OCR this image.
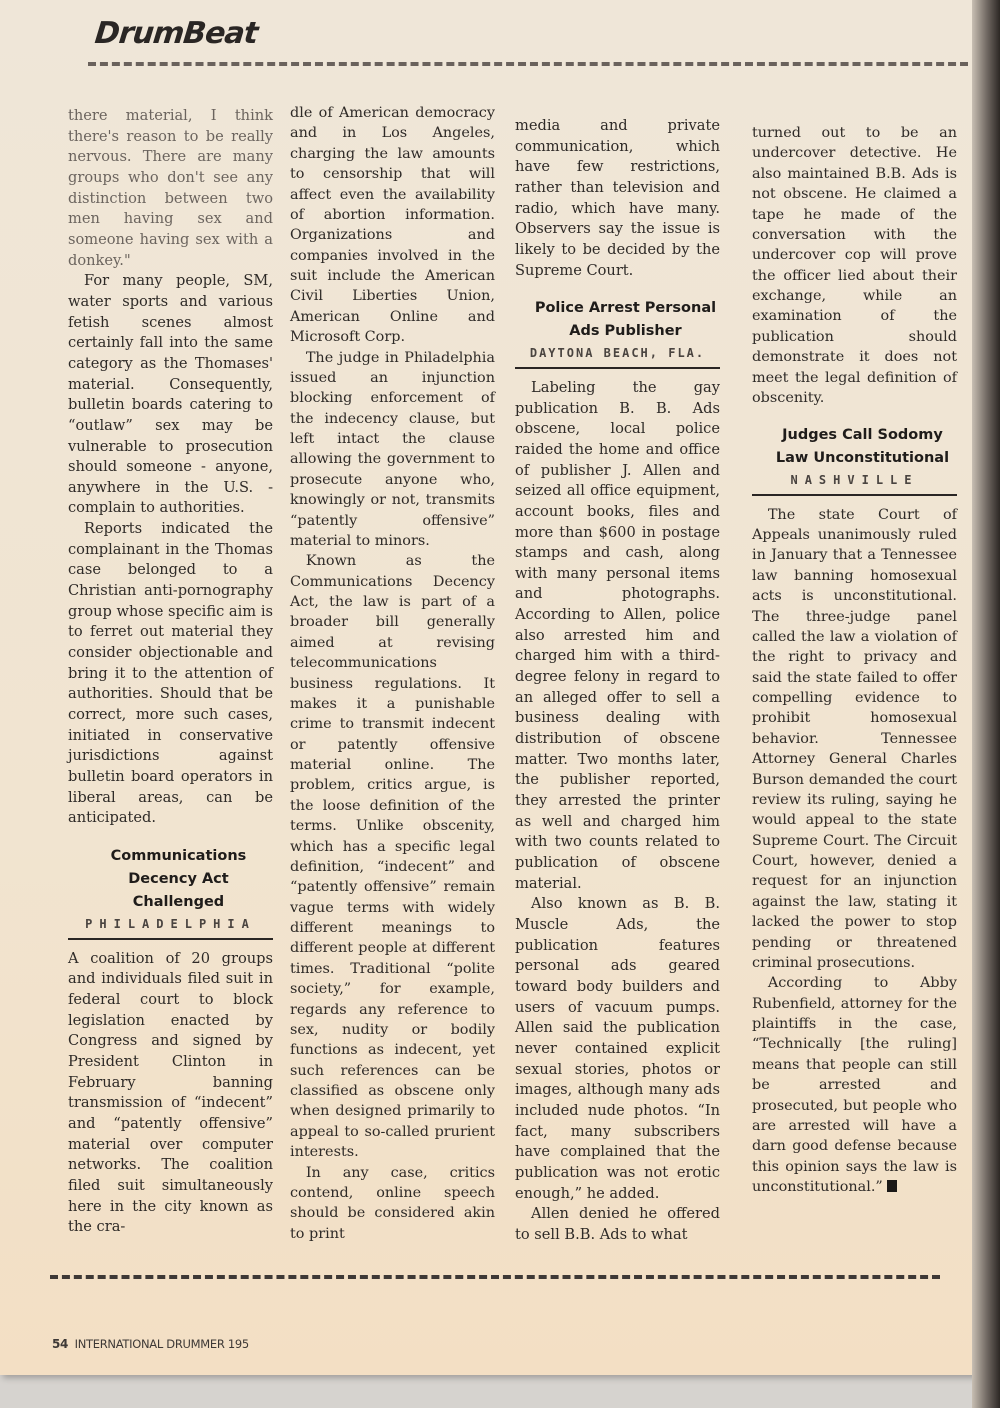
DrumBeat

there material, I think there's reason to be really nervous. There are many groups who don't see any distinction between two men having sex and someone having sex with a donkey."

For many people, SM, water sports and various fetish scenes almost certainly fall into the same category as the Thomases' material. Consequently, bulletin boards catering to “outlaw” sex may be vulnerable to prosecution should someone - anyone, anywhere in the U.S. - complain to authorities.

Reports indicated the complainant in the Thomas case belonged to a Christian anti-pornography group whose specific aim is to ferret out material they consider objectionable and bring it to the attention of authorities. Should that be correct, more such cases, initiated in conservative jurisdictions against bulletin board operators in liberal areas, can be anticipated.

Communications

Decency Act

Challenged

PHILADELPHIA

A coalition of 20 groups and individuals filed suit in federal court to block legislation enacted by Congress and signed by President Clinton in February banning transmission of “indecent” and “patently offensive” material over computer networks. The coalition filed suit simultaneously here in the city known as the cra-

dle of American democracy and in Los Angeles, charging the law amounts to censorship that will affect even the availability of abortion information. Organizations and companies involved in the suit include the American Civil Liberties Union, American Online and Microsoft Corp.

The judge in Philadelphia issued an injunction blocking enforcement of the indecency clause, but left intact the clause allowing the government to prosecute anyone who, knowingly or not, transmits “patently offensive” material to minors.

Known as the Communications Decency Act, the law is part of a broader bill generally aimed at revising telecommunications business regulations. It makes it a punishable crime to transmit indecent or patently offensive material online. The problem, critics argue, is the loose definition of the terms. Unlike obscenity, which has a specific legal definition, “indecent” and “patently offensive” remain vague terms with widely different meanings to different people at different times. Traditional “polite society,” for example, regards any reference to sex, nudity or bodily functions as indecent, yet such references can be classified as obscene only when designed primarily to appeal to so-called prurient interests.

In any case, critics contend, online speech should be considered akin to print

media and private communication, which have few restrictions, rather than television and radio, which have many. Observers say the issue is likely to be decided by the Supreme Court.

Police Arrest Personal

Ads Publisher

DAYTONA BEACH, FLA.

Labeling the gay publication B. B. Ads obscene, local police raided the home and office of publisher J. Allen and seized all office equipment, account books, files and more than $600 in postage stamps and cash, along with many personal items and photographs. According to Allen, police also arrested him and charged him with a third-degree felony in regard to an alleged offer to sell a business dealing with distribution of obscene matter. Two months later, the publisher reported, they arrested the printer as well and charged him with two counts related to publication of obscene material.

Also known as B. B. Muscle Ads, the publication features personal ads geared toward body builders and users of vacuum pumps. Allen said the publication never contained explicit sexual stories, photos or images, although many ads included nude photos. “In fact, many subscribers have complained that the publication was not erotic enough,” he added.

Allen denied he offered to sell B.B. Ads to what

turned out to be an undercover detective. He also maintained B.B. Ads is not obscene. He claimed a tape he made of the conversation with the undercover cop will prove the officer lied about their exchange, while an examination of the publication should demonstrate it does not meet the legal definition of obscenity.

Judges Call Sodomy

Law Unconstitutional

NASHVILLE

The state Court of Appeals unanimously ruled in January that a Tennessee law banning homosexual acts is unconstitutional. The three-judge panel called the law a violation of the right to privacy and said the state failed to offer compelling evidence to prohibit homosexual behavior. Tennessee Attorney General Charles Burson demanded the court review its ruling, saying he would appeal to the state Supreme Court. The Circuit Court, however, denied a request for an injunction against the law, stating it lacked the power to stop pending or threatened criminal prosecutions.

According to Abby Rubenfield, attorney for the plaintiffs in the case, “Technically [the ruling] means that people can still be arrested and prosecuted, but people who are arrested will have a darn good defense because this opinion says the law is unconstitutional.”

54 INTERNATIONAL DRUMMER 195
